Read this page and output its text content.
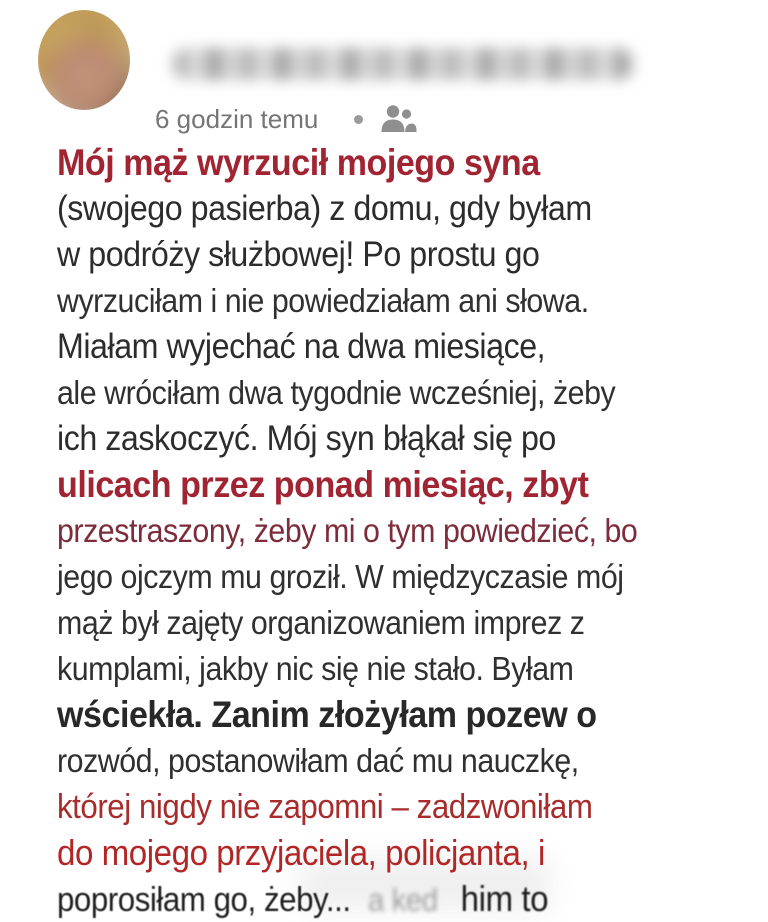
6 godzin temu
Mój mąż wyrzucił mojego syna
(swojego pasierba) z domu, gdy byłam
w podróży służbowej! Po prostu go
wyrzuciłam i nie powiedziałam ani słowa.
Miałam wyjechać na dwa miesiące,
ale wróciłam dwa tygodnie wcześniej, żeby
ich zaskoczyć. Mój syn błąkał się po
ulicach przez ponad miesiąc, zbyt
przestraszony, żeby mi o tym powiedzieć, bo
jego ojczym mu groził. W międzyczasie mój
mąż był zajęty organizowaniem imprez z
kumplami, jakby nic się nie stało. Byłam
wściekła. Zanim złożyłam pozew o
rozwód, postanowiłam dać mu nauczkę,
której nigdy nie zapomni – zadzwoniłam
do mojego przyjaciela, policjanta, i
poprosiłam go, żeby... a ked him to
